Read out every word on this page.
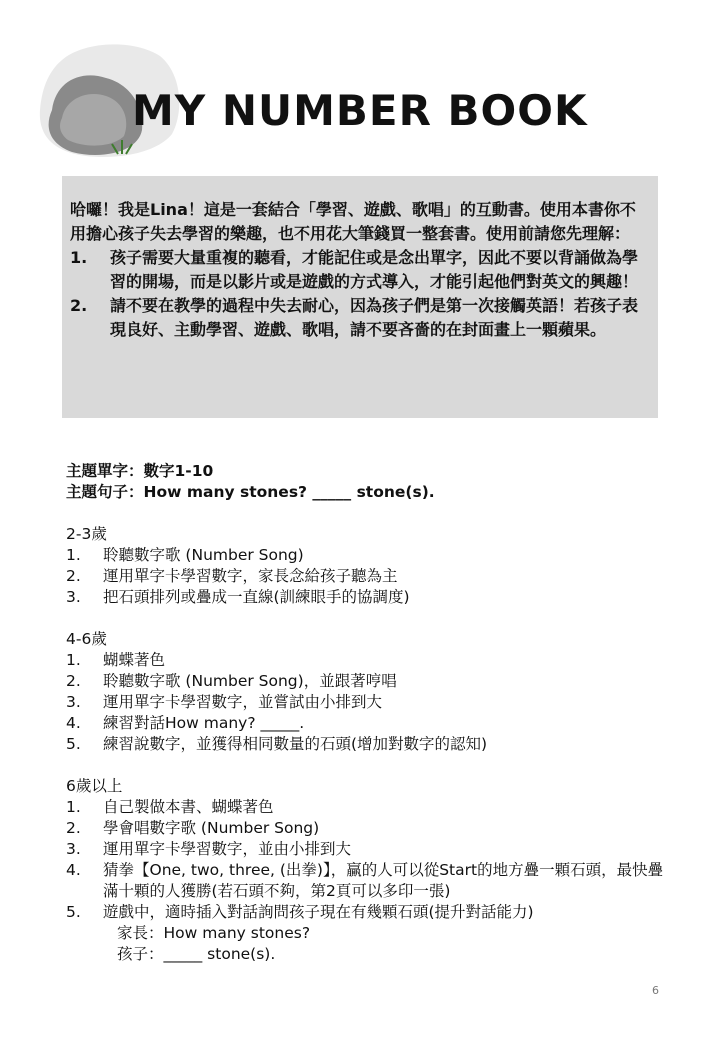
MY NUMBER BOOK

哈囉！我是Lina！這是一套結合「學習、遊戲、歌唱」的互動書。使用本書你不用擔心孩子失去學習的樂趣，也不用花大筆錢買一整套書。使用前請您先理解：

1.	孩子需要大量重複的聽看，才能記住或是念出單字，因此不要以背誦做為學習的開場，而是以影片或是遊戲的方式導入，才能引起他們對英文的興趣！
2.	請不要在教學的過程中失去耐心，因為孩子們是第一次接觸英語！若孩子表現良好、主動學習、遊戲、歌唱，請不要吝嗇的在封面畫上一顆蘋果。
主題單字：數字1-10
主題句子：How many stones? _____ stone(s).
2-3歲
1.	聆聽數字歌 (Number Song)
2.	運用單字卡學習數字，家長念給孩子聽為主
3.	把石頭排列或疊成一直線(訓練眼手的協調度)
4-6歲
1.	蝴蝶著色
2.	聆聽數字歌 (Number Song)，並跟著哼唱
3.	運用單字卡學習數字，並嘗試由小排到大
4.	練習對話How many? _____.
5.	練習說數字，並獲得相同數量的石頭(增加對數字的認知)
6歲以上
1.	自己製做本書、蝴蝶著色
2.	學會唱數字歌 (Number Song)
3.	運用單字卡學習數字，並由小排到大
4.	猜拳【One, two, three, (出拳)】，贏的人可以從Start的地方疊一顆石頭，最快疊滿十顆的人獲勝(若石頭不夠，第2頁可以多印一張)
5.	遊戲中，適時插入對話詢問孩子現在有幾顆石頭(提升對話能力)
家長：How many stones?
孩子：_____ stone(s).
6
